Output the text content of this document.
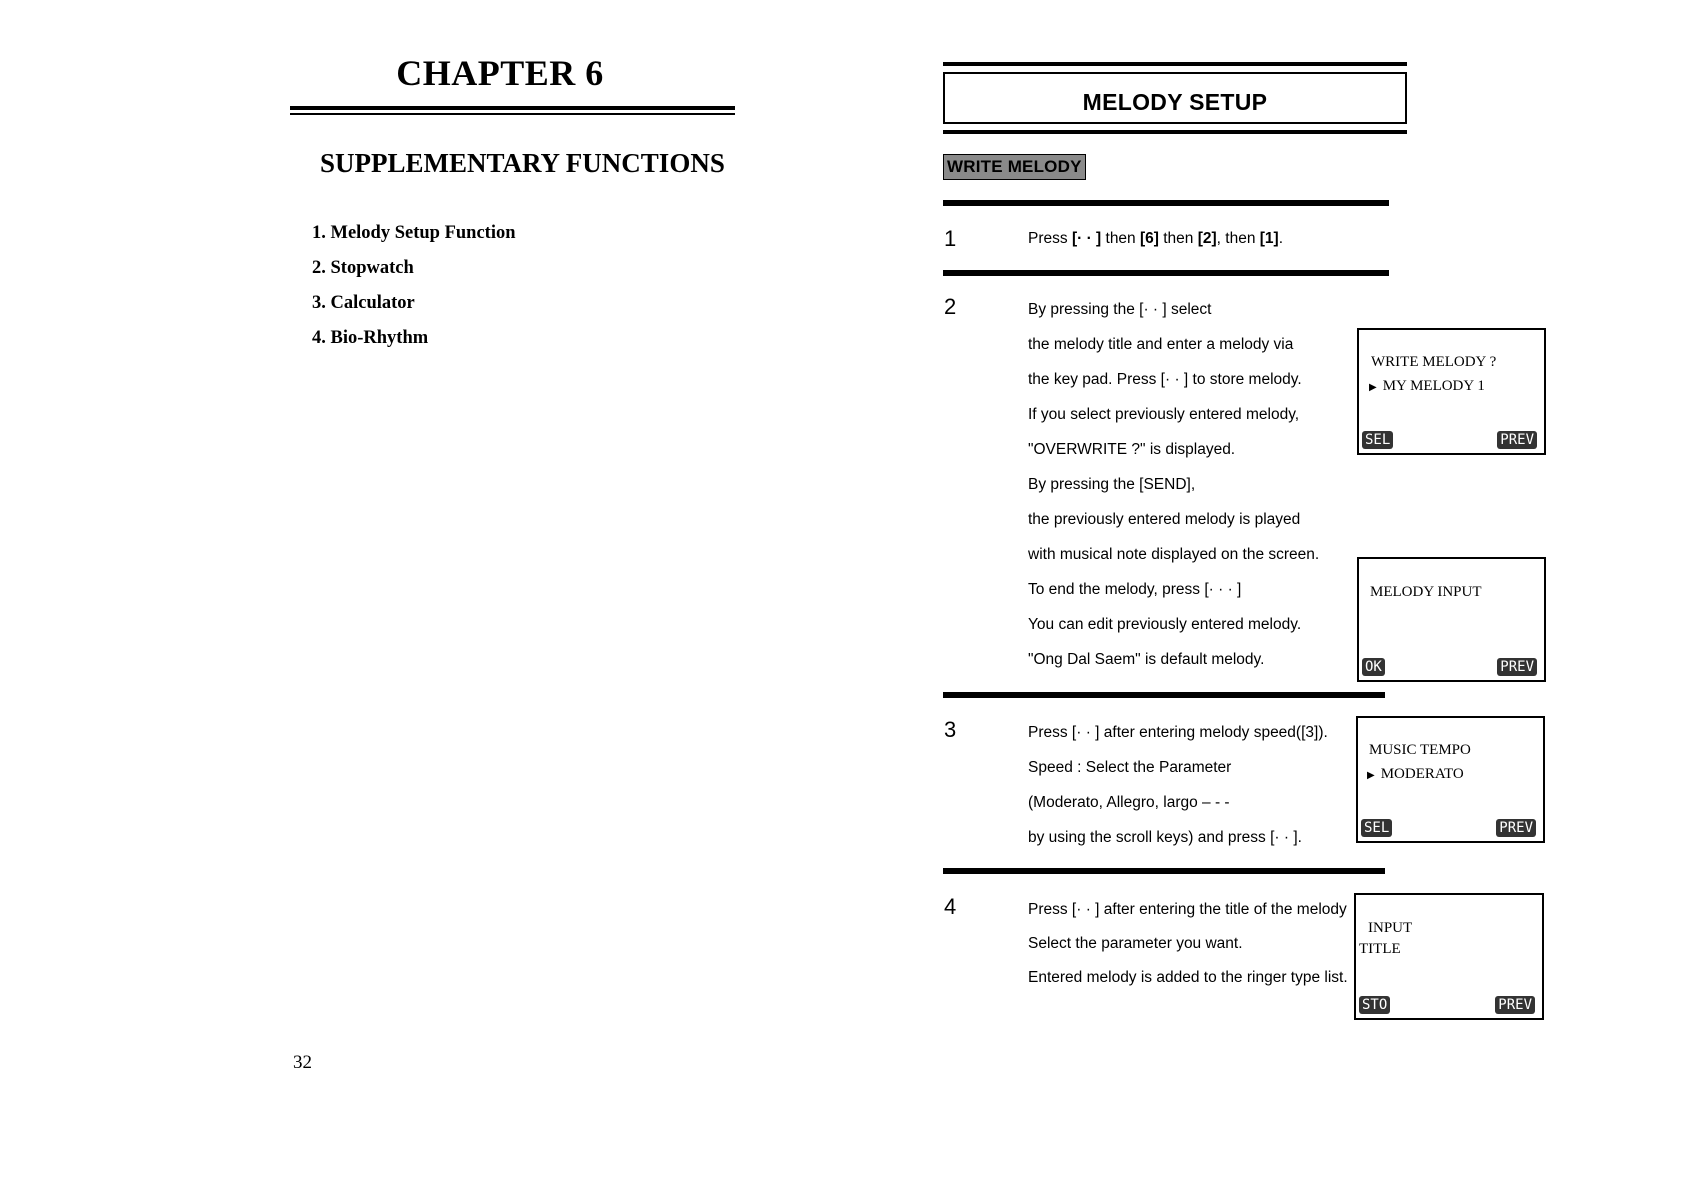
CHAPTER 6
SUPPLEMENTARY FUNCTIONS
1. Melody Setup Function
2. Stopwatch
3. Calculator
4. Bio-Rhythm
32
MELODY SETUP
WRITE MELODY
1	Press [· · ] then [6] then [2], then [1].
2	By pressing the [· · ] select
the melody title and enter a melody via
the key pad. Press [· · ] to store melody.
If you select previously entered melody,
"OVERWRITE ?" is displayed.
By pressing the [SEND],
the previously entered melody is played
with musical note displayed on the screen.
To end the melody, press [· · · ]
You can edit previously entered melody.
"Ong Dal Saem" is default melody.
3	Press [· · ] after entering melody speed([3]).
Speed : Select the Parameter
(Moderato, Allegro, largo – - -
by using the scroll keys) and press [· · ].
4	Press [· · ] after entering the title of the melody
Select the parameter you want.
Entered melody is added to the ringer type list.
WRITE MELODY ?
▶ MY MELODY 1
SEL	PREV
MELODY INPUT
OK	PREV
MUSIC TEMPO
▶ MODERATO
SEL	PREV
INPUT
TITLE
STO	PREV
